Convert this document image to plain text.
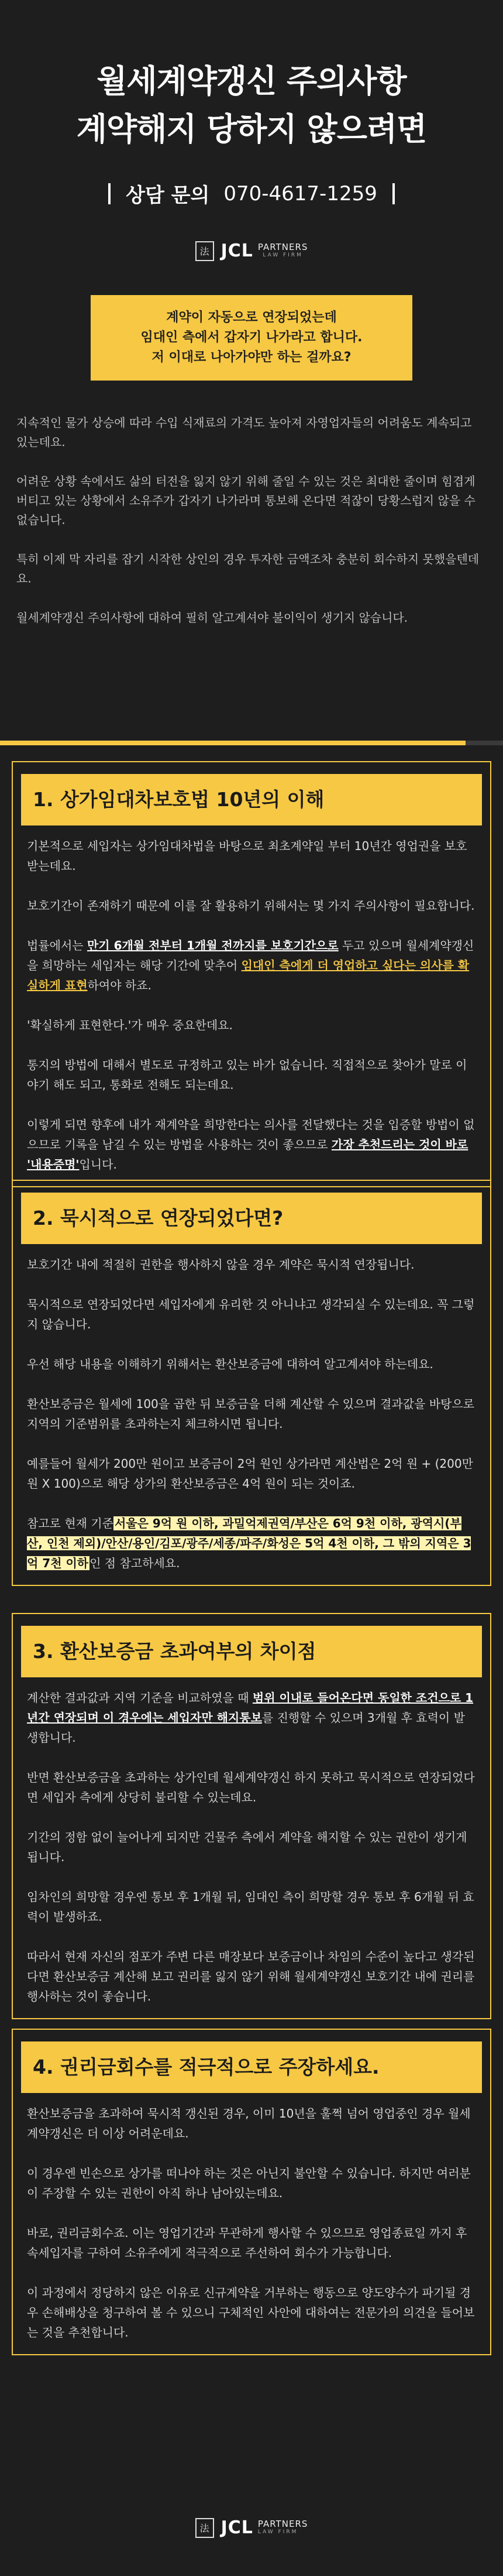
월세계약갱신 주의사항
계약해지 당하지 않으려면
상담 문의 070-4617-1259
法 JCL PARTNERS
LAW FIRM
계약이 자동으로 연장되었는데
임대인 측에서 갑자기 나가라고 합니다.
저 이대로 나아가야만 하는 걸까요?

지속적인 물가 상승에 따라 수입 식재료의 가격도 높아져 자영업자들의 어려움도 계속되고 있는데요.

어려운 상황 속에서도 삶의 터전을 잃지 않기 위해 줄일 수 있는 것은 최대한 줄이며 힘겹게 버티고 있는 상황에서 소유주가 갑자기 나가라며 통보해 온다면 적잖이 당황스럽지 않을 수 없습니다.

특히 이제 막 자리를 잡기 시작한 상인의 경우 투자한 금액조차 충분히 회수하지 못했을텐데요.

월세계약갱신 주의사항에 대하여 필히 알고계셔야 불이익이 생기지 않습니다.

1. 상가임대차보호법 10년의 이해

기본적으로 세입자는 상가임대차법을 바탕으로 최초계약일 부터 10년간 영업권을 보호받는데요.

보호기간이 존재하기 때문에 이를 잘 활용하기 위해서는 몇 가지 주의사항이 필요합니다.

법률에서는 만기 6개월 전부터 1개월 전까지를 보호기간으로 두고 있으며 월세계약갱신을 희망하는 세입자는 해당 기간에 맞추어 임대인 측에게 더 영업하고 싶다는 의사를 확실하게 표현하여야 하죠.

'확실하게 표현한다.'가 매우 중요한데요.

통지의 방법에 대해서 별도로 규정하고 있는 바가 없습니다. 직접적으로 찾아가 말로 이야기 해도 되고, 통화로 전해도 되는데요.

이렇게 되면 향후에 내가 재계약을 희망한다는 의사를 전달했다는 것을 입증할 방법이 없으므로 기록을 남길 수 있는 방법을 사용하는 것이 좋으므로 가장 추천드리는 것이 바로 '내용증명'입니다.

2. 묵시적으로 연장되었다면?

보호기간 내에 적절히 권한을 행사하지 않을 경우 계약은 묵시적 연장됩니다.

묵시적으로 연장되었다면 세입자에게 유리한 것 아니냐고 생각되실 수 있는데요. 꼭 그렇지 않습니다.

우선 해당 내용을 이해하기 위해서는 환산보증금에 대하여 알고계셔야 하는데요.

환산보증금은 월세에 100을 곱한 뒤 보증금을 더해 계산할 수 있으며 결과값을 바탕으로 지역의 기준범위를 초과하는지 체크하시면 됩니다.

예를들어 월세가 200만 원이고 보증금이 2억 원인 상가라면 계산법은 2억 원 + (200만 원 X 100)으로 해당 상가의 환산보증금은 4억 원이 되는 것이죠.

참고로 현재 기준 서울은 9억 원 이하, 과밀억제권역/부산은 6억 9천 이하, 광역시(부산, 인천 제외)/안산/용인/김포/광주/세종/파주/화성은 5억 4천 이하, 그 밖의 지역은 3억 7천 이하 인 점 참고하세요.

3. 환산보증금 초과여부의 차이점

계산한 결과값과 지역 기준을 비교하였을 때 범위 이내로 들어온다면 동일한 조건으로 1년간 연장되며 이 경우에는 세입자만 해지통보를 진행할 수 있으며 3개월 후 효력이 발생합니다.

반면 환산보증금을 초과하는 상가인데 월세계약갱신 하지 못하고 묵시적으로 연장되었다면 세입자 측에게 상당히 불리할 수 있는데요.

기간의 정함 없이 늘어나게 되지만 건물주 측에서 계약을 해지할 수 있는 권한이 생기게 됩니다.

임차인의 희망할 경우엔 통보 후 1개월 뒤, 임대인 측이 희망할 경우 통보 후 6개월 뒤 효력이 발생하죠.

따라서 현재 자신의 점포가 주변 다른 매장보다 보증금이나 차임의 수준이 높다고 생각된다면 환산보증금 계산해 보고 권리를 잃지 않기 위해 월세계약갱신 보호기간 내에 권리를 행사하는 것이 좋습니다.

4. 권리금회수를 적극적으로 주장하세요.

환산보증금을 초과하여 묵시적 갱신된 경우, 이미 10년을 훌쩍 넘어 영업중인 경우 월세계약갱신은 더 이상 어려운데요.

이 경우엔 빈손으로 상가를 떠나야 하는 것은 아닌지 불안할 수 있습니다. 하지만 여러분이 주장할 수 있는 권한이 아직 하나 남아있는데요.

바로, 권리금회수죠. 이는 영업기간과 무관하게 행사할 수 있으므로 영업종료일 까지 후속세입자를 구하여 소유주에게 적극적으로 주선하여 회수가 가능합니다.

이 과정에서 정당하지 않은 이유로 신규계약을 거부하는 행동으로 양도양수가 파기될 경우 손해배상을 청구하여 볼 수 있으니 구체적인 사안에 대하여는 전문가의 의견을 들어보는 것을 추천합니다.

法 JCL PARTNERS
LAW FIRM
